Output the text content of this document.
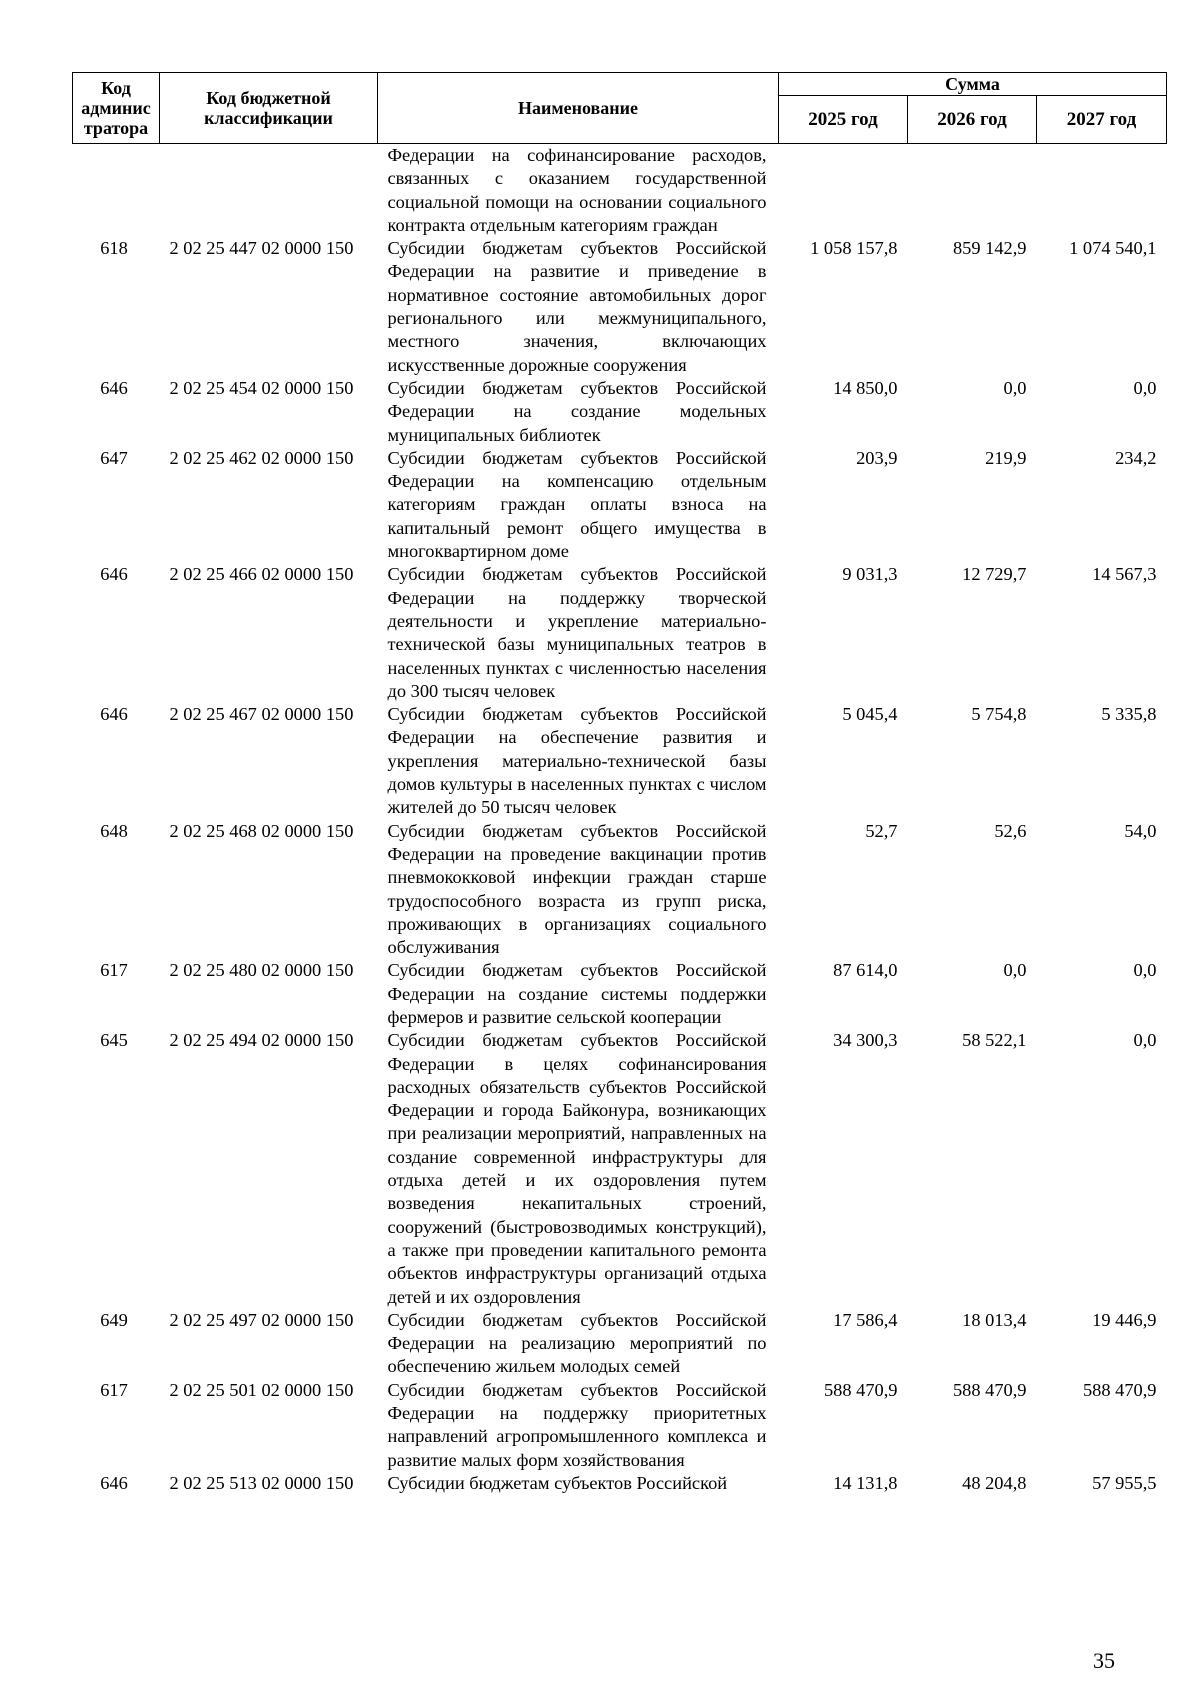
Код админис тратора	Код бюджетной классификации	Наименование	Сумма		
			2025 год	2026 год	2027 год
		Федерации на софинансирование расходов, связанных с оказанием государственной социальной помощи на основании социального контракта отдельным категориям граждан			
618	2 02 25 447 02 0000 150	Субсидии бюджетам субъектов Российской Федерации на развитие и приведение в нормативное состояние автомобильных дорог регионального или межмуниципального, местного значения, включающих искусственные дорожные сооружения	1 058 157,8	859 142,9	1 074 540,1
646	2 02 25 454 02 0000 150	Субсидии бюджетам субъектов Российской Федерации на создание модельных муниципальных библиотек	14 850,0	0,0	0,0
647	2 02 25 462 02 0000 150	Субсидии бюджетам субъектов Российской Федерации на компенсацию отдельным категориям граждан оплаты взноса на капитальный ремонт общего имущества в многоквартирном доме	203,9	219,9	234,2
646	2 02 25 466 02 0000 150	Субсидии бюджетам субъектов Российской Федерации на поддержку творческой деятельности и укрепление материально-технической базы муниципальных театров в населенных пунктах с численностью населения до 300 тысяч человек	9 031,3	12 729,7	14 567,3
646	2 02 25 467 02 0000 150	Субсидии бюджетам субъектов Российской Федерации на обеспечение развития и укрепления материально-технической базы домов культуры в населенных пунктах с числом жителей до 50 тысяч человек	5 045,4	5 754,8	5 335,8
648	2 02 25 468 02 0000 150	Субсидии бюджетам субъектов Российской Федерации на проведение вакцинации против пневмококковой инфекции граждан старше трудоспособного возраста из групп риска, проживающих в организациях социального обслуживания	52,7	52,6	54,0
617	2 02 25 480 02 0000 150	Субсидии бюджетам субъектов Российской Федерации на создание системы поддержки фермеров и развитие сельской кооперации	87 614,0	0,0	0,0
645	2 02 25 494 02 0000 150	Субсидии бюджетам субъектов Российской Федерации в целях софинансирования расходных обязательств субъектов Российской Федерации и города Байконура, возникающих при реализации мероприятий, направленных на создание современной инфраструктуры для отдыха детей и их оздоровления путем возведения некапитальных строений, сооружений (быстровозводимых конструкций), а также при проведении капитального ремонта объектов инфраструктуры организаций отдыха детей и их оздоровления	34 300,3	58 522,1	0,0
649	2 02 25 497 02 0000 150	Субсидии бюджетам субъектов Российской Федерации на реализацию мероприятий по обеспечению жильем молодых семей	17 586,4	18 013,4	19 446,9
617	2 02 25 501 02 0000 150	Субсидии бюджетам субъектов Российской Федерации на поддержку приоритетных направлений агропромышленного комплекса и развитие малых форм хозяйствования	588 470,9	588 470,9	588 470,9
646	2 02 25 513 02 0000 150	Субсидии бюджетам субъектов Российской	14 131,8	48 204,8	57 955,5
35
